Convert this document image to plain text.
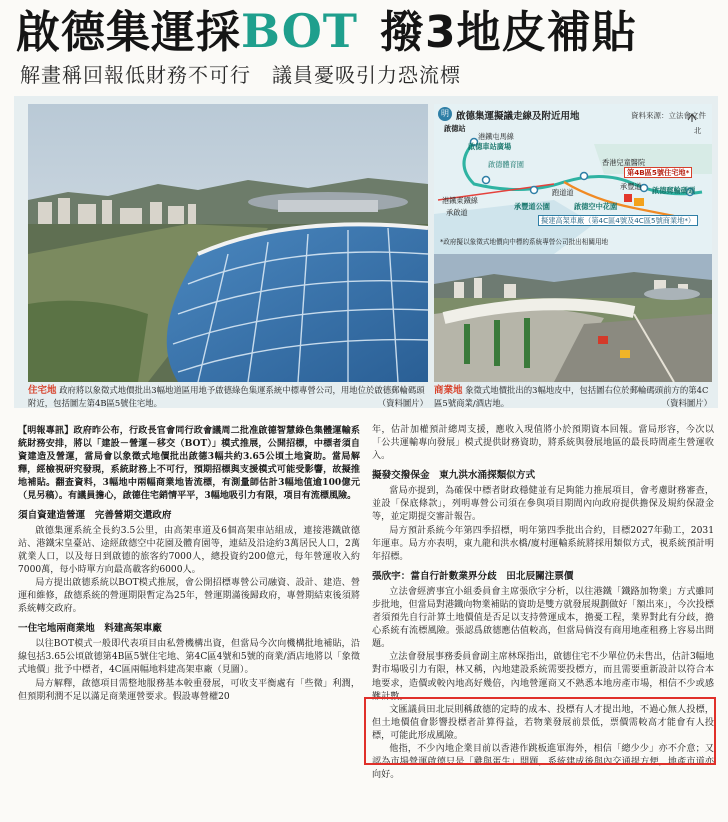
啟德集運採BOT 撥3地皮補貼
解畫稱回報低財務不可行　議員憂吸引力恐流標
明 啟德集運擬議走線及附近用地	資料來源：立法會文件
港鐵屯馬線
啟德車站廣場
啟德站
啟德體育園	香港兒童醫院
第4B區5號住宅地*
北
跑道道
承豐道
承啟道
承豐道公園	啟德空中花園
啟德郵輪碼頭
港鐵東鐵線
擬建高架車廠（第4C區4號及4C區5號商業地*）
*政府擬以象徵式地價向中標的系統專營公司批出相關用地
住宅地 政府將以象徵式地價批出3幅地道區用地予啟德綠色集運系統中標專營公司，用地位於啟德郵輪碼頭附近，包括圖左第4B區5號住宅地。	（資料圖片）
商業地 象徵式地價批出的3幅地皮中，包括圖右位於郵輪碼頭前方的第4C區5號商業/酒店地。	（資料圖片）

【明報專訊】政府昨公布，行政長官會同行政會議周二批准啟德智慧綠色集體運輸系統財務安排，將以「建設－營運－移交（BOT）」模式推展，公開招標，中標者須自資建造及營運，當局會以象徵式地價批出啟德3幅共約3.65公頃土地資助。當局解釋，經檢視研究發現，系統財務上不可行，預期招標與支援模式可能受影響，故擬推地補貼。翻查資料，3幅地中兩幅商業地皆流標，有測量師估計3幅地值逾100億元（見另稿）。有議員擔心，啟德住宅銷情平平，3幅地吸引力有限，項目有流標風險。

須自資建造營運　完善營期交還政府

啟德集運系統全長約3.5公里，由高架車道及6個高架車站組成，連接港鐵啟德站、港鐵宋皇臺站、途經啟德空中花園及體育園等，連結及沿途約3萬居民人口，2萬就業人口，以及每日到啟德的旅客約7000人，總投資約200億元，每年營運收入約7000萬，每小時單方向最高載客約6000人。

局方提出啟德系統以BOT模式推展，會公開招標專營公司融資、設計、建造、營運和維修，啟德系統的營運期限暫定為25年，營運期滿後歸政府，專營期結束後須將系統轉交政府。

一住宅地兩商業地　料建高架車廠

以往BOT模式一般即代表項目由私營機構出資，但當局今次向機構批地補貼，沿線包括3.65公頃啟德第4B區5號住宅地、第4C區4號和5號的商業/酒店地將以「象徵式地價」批予中標者，4C區兩幅地料建高架車廠（見圖）。

局方解釋，啟德項目需整地服務基本較重發展，可收支平衡處有「些微」利潤，但預期利潤不足以滿足商業運營要求。假設專營權20

年，估計加權預計總周支援，應收入現值將小於預期資本回報。當局形容，今次以「公共運輸專向發展」模式提供財務資助，將系統與發展地區的最長時間產生營運收入。

擬發交撥保金　東九洪水涌探類似方式

當局亦提到，為確保中標者財政穩健並有足夠能力推展項目，會考慮財務審查，並設「保底條款」，列明專營公司須在參與項目期間內向政府提供擔保及規約保證金等，並定期提交審計報告。

局方預計系統今年第四季招標，明年第四季批出合約，目標2027年動工，2031年運車。局方亦表明，東九龍和洪水橋/廈村運輸系統將採用類似方式，視系統預計明年招標。

張欣宇：當自行計數業界分歧　田北辰關注票價

立法會經濟事宜小組委員會主席張欣宇分析，以往港鐵「鐵路加物業」方式雖同步批地，但當局對港鐵向物業補貼的資助是雙方就發展規劃做好「額出來」，今次投標者須預先自行計算土地價值是否足以支持營運成本，擔憂工程，業界對此有分歧，擔心系統有流標風險。張認爲啟德應估值較高，但當局倘沒有商用地產租務上容易出問題。

立法會發展事務委員會副主席林琛指出，啟德住宅不少單位仍未售出，估計3幅地對市場吸引力有限，林又稱，內地建設系統需要投標方，而且需要重新設計以符合本地要求，造價或較內地高好幾倍，內地營運商又不熟悉本地房產市場，相信不少或感難計數。

文匯議員田北辰則稱啟德的定時的成本、投標有人才提出地，不過心無人投標，但土地價值會影響投標者計算得益，若物業發展前景低，票價需較高才能會有人投標，可能此形成風險。

他指，不少內地企業目前以香港作跳板進軍海外，相信「總少少」亦不介意；又認為市場營運啟德只是「雞與蛋生」問題，系統建成後與內交通提方便，地產市道亦向好。
